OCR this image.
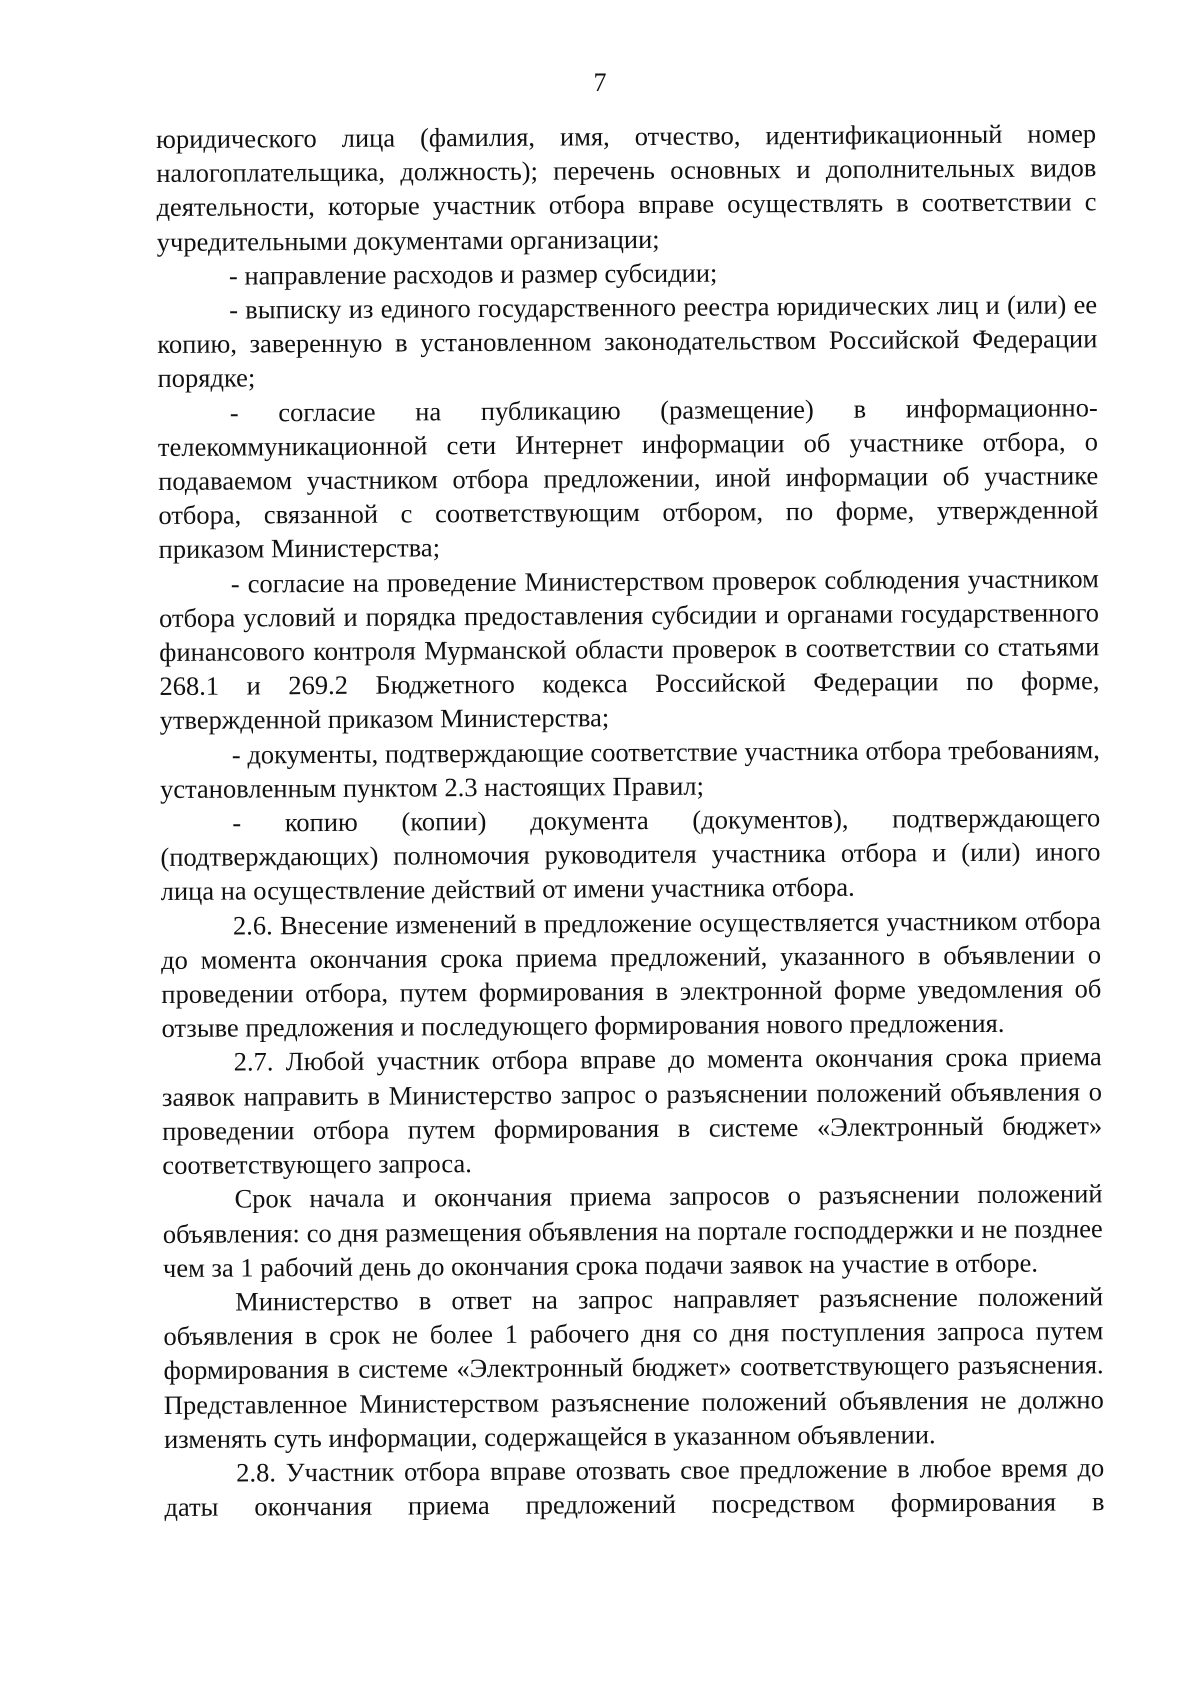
7

юридического лица (фамилия, имя, отчество, идентификационный номер налогоплательщика, должность); перечень основных и дополнительных видов деятельности, которые участник отбора вправе осуществлять в соответствии с учредительными документами организации;

- направление расходов и размер субсидии;

- выписку из единого государственного реестра юридических лиц и (или) ее копию, заверенную в установленном законодательством Российской Федерации порядке;

- согласие на публикацию (размещение) в информационно-телекоммуникационной сети Интернет информации об участнике отбора, о подаваемом участником отбора предложении, иной информации об участнике отбора, связанной с соответствующим отбором, по форме, утвержденной приказом Министерства;

- согласие на проведение Министерством проверок соблюдения участником отбора условий и порядка предоставления субсидии и органами государственного финансового контроля Мурманской области проверок в соответствии со статьями 268.1 и 269.2 Бюджетного кодекса Российской Федерации по форме, утвержденной приказом Министерства;

- документы, подтверждающие соответствие участника отбора требованиям, установленным пунктом 2.3 настоящих Правил;

- копию (копии) документа (документов), подтверждающего (подтверждающих) полномочия руководителя участника отбора и (или) иного лица на осуществление действий от имени участника отбора.

2.6. Внесение изменений в предложение осуществляется участником отбора до момента окончания срока приема предложений, указанного в объявлении о проведении отбора, путем формирования в электронной форме уведомления об отзыве предложения и последующего формирования нового предложения.

2.7. Любой участник отбора вправе до момента окончания срока приема заявок направить в Министерство запрос о разъяснении положений объявления о проведении отбора путем формирования в системе «Электронный бюджет» соответствующего запроса.

Срок начала и окончания приема запросов о разъяснении положений объявления: со дня размещения объявления на портале господдержки и не позднее чем за 1 рабочий день до окончания срока подачи заявок на участие в отборе.

Министерство в ответ на запрос направляет разъяснение положений объявления в срок не более 1 рабочего дня со дня поступления запроса путем формирования в системе «Электронный бюджет» соответствующего разъяснения. Представленное Министерством разъяснение положений объявления не должно изменять суть информации, содержащейся в указанном объявлении.

2.8. Участник отбора вправе отозвать свое предложение в любое время до даты окончания приема предложений посредством формирования в
